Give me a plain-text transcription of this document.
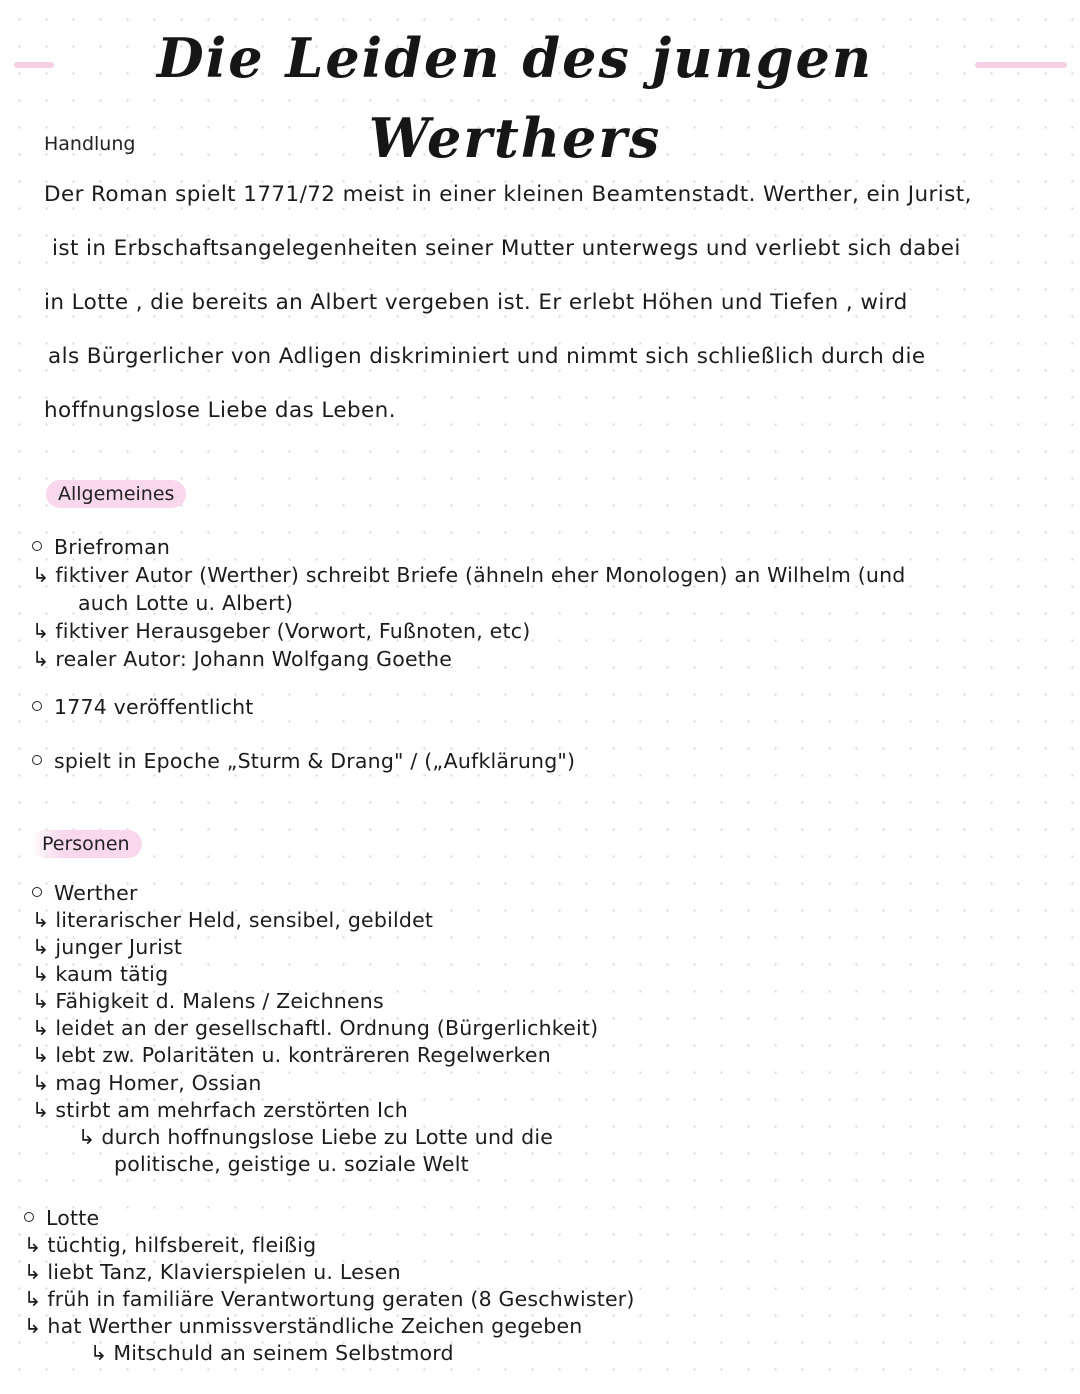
Die Leiden des jungen Werthers
Handlung
Der Roman spielt 1771/72 meist in einer kleinen Beamtenstadt. Werther, ein Jurist,
ist in Erbschaftsangelegenheiten seiner Mutter unterwegs und verliebt sich dabei
in Lotte , die bereits an Albert vergeben ist. Er erlebt Höhen und Tiefen , wird
als Bürgerlicher von Adligen diskriminiert und nimmt sich schließlich durch die
hoffnungslose Liebe das Leben.
Allgemeines
Briefroman
↳ fiktiver Autor (Werther) schreibt Briefe (ähneln eher Monologen) an Wilhelm (und
auch Lotte u. Albert)
↳ fiktiver Herausgeber (Vorwort, Fußnoten, etc)
↳ realer Autor: Johann Wolfgang Goethe
1774 veröffentlicht
spielt in Epoche „Sturm & Drang" / („Aufklärung")
Personen
Werther
↳ literarischer Held, sensibel, gebildet
↳ junger Jurist
↳ kaum tätig
↳ Fähigkeit d. Malens / Zeichnens
↳ leidet an der gesellschaftl. Ordnung (Bürgerlichkeit)
↳ lebt zw. Polaritäten u. konträreren Regelwerken
↳ mag Homer, Ossian
↳ stirbt am mehrfach zerstörten Ich
↳ durch hoffnungslose Liebe zu Lotte und die
politische, geistige u. soziale Welt
Lotte
↳ tüchtig, hilfsbereit, fleißig
↳ liebt Tanz, Klavierspielen u. Lesen
↳ früh in familiäre Verantwortung geraten (8 Geschwister)
↳ hat Werther unmissverständliche Zeichen gegeben
↳ Mitschuld an seinem Selbstmord
